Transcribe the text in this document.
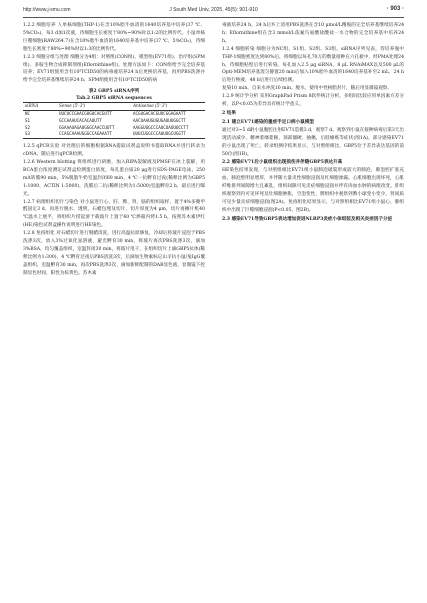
http://www.j-smu.com	J South Med Univ, 2025, 45(5): 901-910	· 903 ·

1.2.2 细胞培养 人单核细胞(THP-1)在含10%胎牛血清的1640培养基中培养(37 ℃、5%CO₂)，每3 d加1次液，待细胞生长密度于80%~90%时以1:2的比例传代。小鼠单核巨噬细胞(RAW264.7)在含10%胎牛血清的1640培养基中培养(37 ℃、5%CO₂)，待细胞生长密度于80%~90%时以1:3的比例传代。

1.2.3 细胞分组与处理 细胞分为4组：对照组(CON组)、模型组(EV71组)、治疗组(SPM组)、多胺生物合成抑制剂组(Eflornithine组)。处理方法如下：CON组给予完全培养基培养；EV71组使用含有10⁵TCID50的病毒液培养24 h后更换培养基，再用PBS洗涤并给予完全培养基继续培养24 h；SPM组使用含有10⁵TCID50的病

表2 GBP5 siRNA序列
Tab.2 GBP5 siRNA sequences
siRNA	Sense (5'-3')	Antisense (5'-3')
NC	UUCUCCGAACGUGUCACGUTT	ACGUGACACGUUCGGAGAATT
S1	GCCAAAUCACACAUUTT	AACUAAUGUGUGAUUUGGCTT
S2	GGAAAUAGAUGGGCAACCUUTT	AAGGUUGCCCAUCUAUUUCCTT
S3	CCAGCAAAUGGGCCAGAAATT	UUUCUGGCCCAUUUGCUGGTT

1.2.5 qPCR实验 对处理后的细胞根据RNA提取试剂盒说明书提取RNA并进行转录为cDNA，随后进行qPCR检测。

1.2.6 Western blotting 将组织进行研磨，加入RIPA裂解液及PMSF在冰上裂解，用BCA蛋白浓度测定试剂盒检测蛋白浓度，每孔蛋白质20 μg进行SDS-PAGE电泳，250 mA转膜90 min，5%脱脂牛奶室温封闭60 min，4 ℃一抗孵育过夜(稀释比例为GBP5 1:1000，ACTIN 1:5000)，洗膜后二抗(稀释比例为1:5000)室温孵育2 h，最后进行曝光。

1.2.7 病理组织切片与染色 对小鼠进行心、肝、脾、肾、脑的组织取样，置于4%多聚甲醛固定3 d，再进行脱水、透明，石蜡包埋及切片，切片厚度为4 μm，切片再摊片机40 ℃温水上展平，将组织片捞起滑于载玻片上置于60 ℃烘箱内烤1.5 h，按照苏木素伊红(HE)染色试剂盒操作说明进行HE染色。

1.2.8 免疫组化 对石蜡切片进行脱蜡清洗，进行高温抗原修复，冷却后将玻片浸泡于PBS洗涤3次，放入3%过氧化氢溶液，避光孵育30 min，将玻片再次PBS洗涤3次，滴加3%BSA，均匀覆盖组织，室温封闭30 min，将玻片甩干，在组织切片上滴GBP5抗体(稀释比例为1:300)，4 ℃孵育过夜后PBS清洗3次，后滴加生物素标记山羊抗小鼠/兔IgG覆盖组织，室温孵育30 min，再次PBS洗涤3次，滴加新鲜配制的DAB显色液，显微镜下控制显色时间，阳性为棕黄色。苏木素

毒液培养24 h，24 h后弃上清用PBS洗涤在含10 μmol/L精胺的完全培养基继续培养24 h；Eflornithine组在含3 mmol/L依氟鸟氨酸盐酸盐一水合物的完全培养基中培养24 h。

1.2.4 细胞转染 细胞分为NC组、S1组、S2组、S3组。siRNA序列见表，待培养瓶中THP-1细胞密度达到80%后，将细胞以每孔70万的数量接种在六孔板中，经PMA处理24 h，待细胞贴壁后进行转染。每孔加入2.5 μg siRNA，8 μL RNAiMAX以及500 μL的Opti-MEM培养基混匀静置20 min后加入10%胎牛血清的1640培养基补至2 mL，24 h后进行换液，48 h后进行后续检测。

复染10 min，自来水冲洗10 min。脱水，使用中性树脂封片，随后用显微镜观察。

1.2.9 统计学分析 采用GraphPad Prism 8软件统计分析，多组间比较应用单因素方差分析，以P<0.05为差异具有统计学意义。

2 结果

2.1 建立EV71感染的重症手足口病小鼠模型

通过对3~5 d龄小鼠腹腔注射EV71造模3 d，观察7 d。观察到小鼠在接种病毒后第3天出现活动减少、精神萎靡萎顿、颈部僵硬、抽搐，后肢瘫痪等症状(图1A)。部分感染EV71的小鼠出现了死亡。转录组测序结果显示，与对照组相比，GBP5位于差异表达基因的前50位(图1B)。

2.2 感染EV71后小鼠组织出现损伤并伴随GBP5表达升高

HE染色结果发现，与对照组相比EV71组小鼠肺泡破裂形成较大的肺泡，肺泡腔扩张充血，肺泡壁明显增厚，并伴随大量炎性细胞浸润及红细胞渗漏。心肌细胞出现坏死，心肌纤维排列间隙增大且紊乱，组织间隙可见炎症细胞浸润并伴有肉血水肿的病理改变。肝组织观察到内可见坏死及灶细胞肿胀，空泡变性，脾组织中观察到脾小球变小变少，肾间质可见少量炎症细胞浸润(图2A)。免疫组化结果显示，与对照组相比EV71组小鼠心、肺组织中出现了巨噬细胞浸润(P<0.05，图2B)。

2.3 感染EV71导致GBP5表达增加促进NLRP3炎症小体组装及相关炎症因子分泌
